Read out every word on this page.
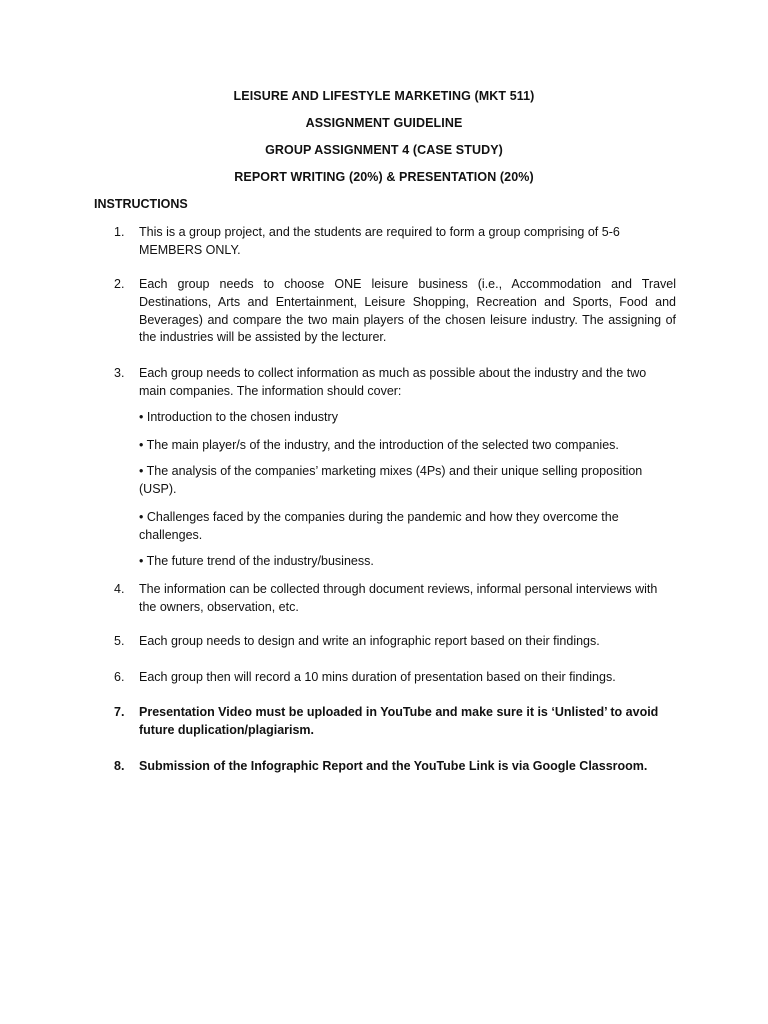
LEISURE AND LIFESTYLE MARKETING (MKT 511)
ASSIGNMENT GUIDELINE
GROUP ASSIGNMENT 4 (CASE STUDY)
REPORT WRITING (20%) & PRESENTATION (20%)
INSTRUCTIONS
1.	This is a group project, and the students are required to form a group comprising of 5-6 MEMBERS ONLY.
2.	Each group needs to choose ONE leisure business (i.e., Accommodation and Travel Destinations, Arts and Entertainment, Leisure Shopping, Recreation and Sports, Food and Beverages) and compare the two main players of the chosen leisure industry. The assigning of the industries will be assisted by the lecturer.
3.	Each group needs to collect information as much as possible about the industry and the two main companies. The information should cover:
• Introduction to the chosen industry
• The main player/s of the industry, and the introduction of the selected two companies.
• The analysis of the companies’ marketing mixes (4Ps) and their unique selling proposition (USP).
• Challenges faced by the companies during the pandemic and how they overcome the challenges.
• The future trend of the industry/business.
4.	The information can be collected through document reviews, informal personal interviews with the owners, observation, etc.
5.	Each group needs to design and write an infographic report based on their findings.
6.	Each group then will record a 10 mins duration of presentation based on their findings.
7.	Presentation Video must be uploaded in YouTube and make sure it is ‘Unlisted’ to avoid future duplication/plagiarism.
8.	Submission of the Infographic Report and the YouTube Link is via Google Classroom.
